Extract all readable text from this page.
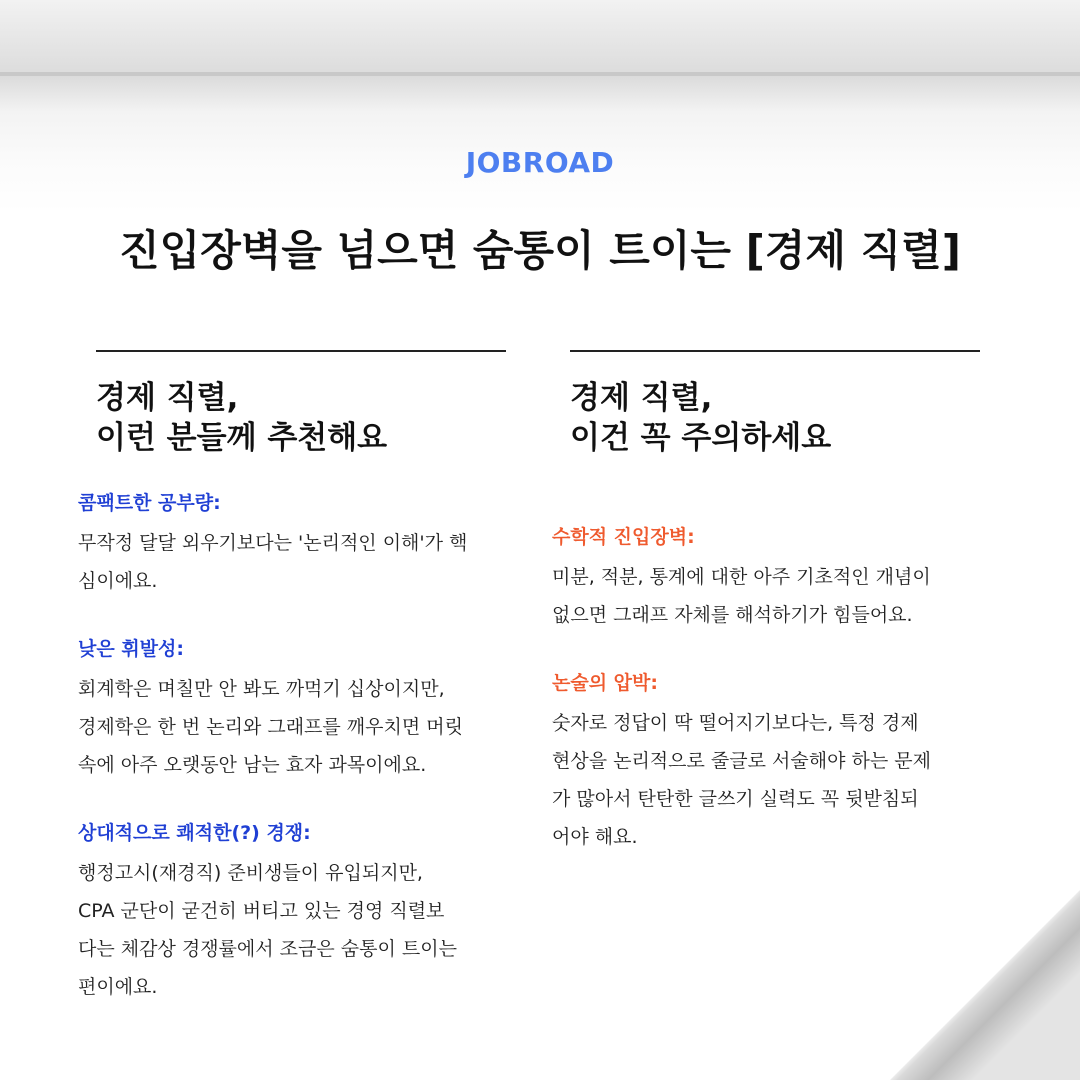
JOBROAD
진입장벽을 넘으면 숨통이 트이는 [경제 직렬]
경제 직렬,
이런 분들께 추천해요
콤팩트한 공부량:
무작정 달달 외우기보다는 '논리적인 이해'가 핵
심이에요.
낮은 휘발성:
회계학은 며칠만 안 봐도 까먹기 십상이지만,
경제학은 한 번 논리와 그래프를 깨우치면 머릿
속에 아주 오랫동안 남는 효자 과목이에요.
상대적으로 쾌적한(?) 경쟁:
행정고시(재경직) 준비생들이 유입되지만,
CPA 군단이 굳건히 버티고 있는 경영 직렬보
다는 체감상 경쟁률에서 조금은 숨통이 트이는
편이에요.
경제 직렬,
이건 꼭 주의하세요
수학적 진입장벽:
미분, 적분, 통계에 대한 아주 기초적인 개념이
없으면 그래프 자체를 해석하기가 힘들어요.
논술의 압박:
숫자로 정답이 딱 떨어지기보다는, 특정 경제
현상을 논리적으로 줄글로 서술해야 하는 문제
가 많아서 탄탄한 글쓰기 실력도 꼭 뒷받침되
어야 해요.
